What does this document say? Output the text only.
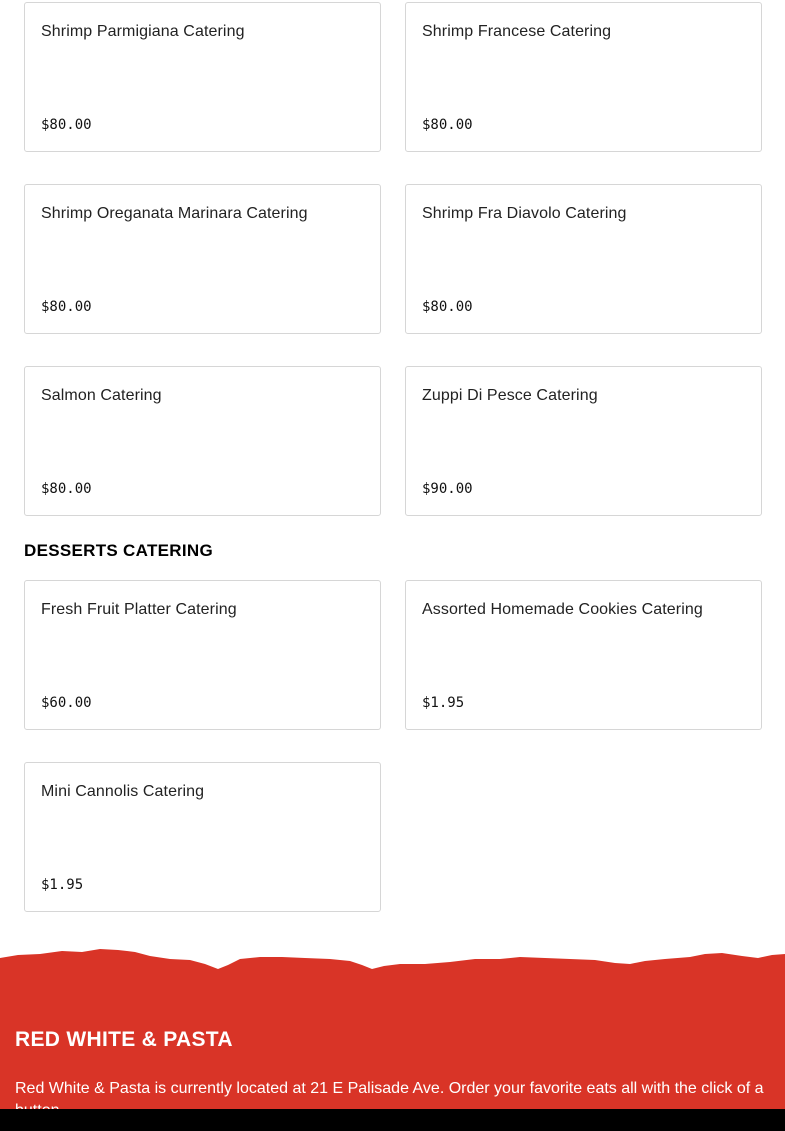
Shrimp Parmigiana Catering
$80.00
Shrimp Francese Catering
$80.00
Shrimp Oreganata Marinara Catering
$80.00
Shrimp Fra Diavolo Catering
$80.00
Salmon Catering
$80.00
Zuppi Di Pesce Catering
$90.00
DESSERTS CATERING
Fresh Fruit Platter Catering
$60.00
Assorted Homemade Cookies Catering
$1.95
Mini Cannolis Catering
$1.95
RED WHITE & PASTA

Red White & Pasta is currently located at 21 E Palisade Ave. Order your favorite eats all with the click of a
